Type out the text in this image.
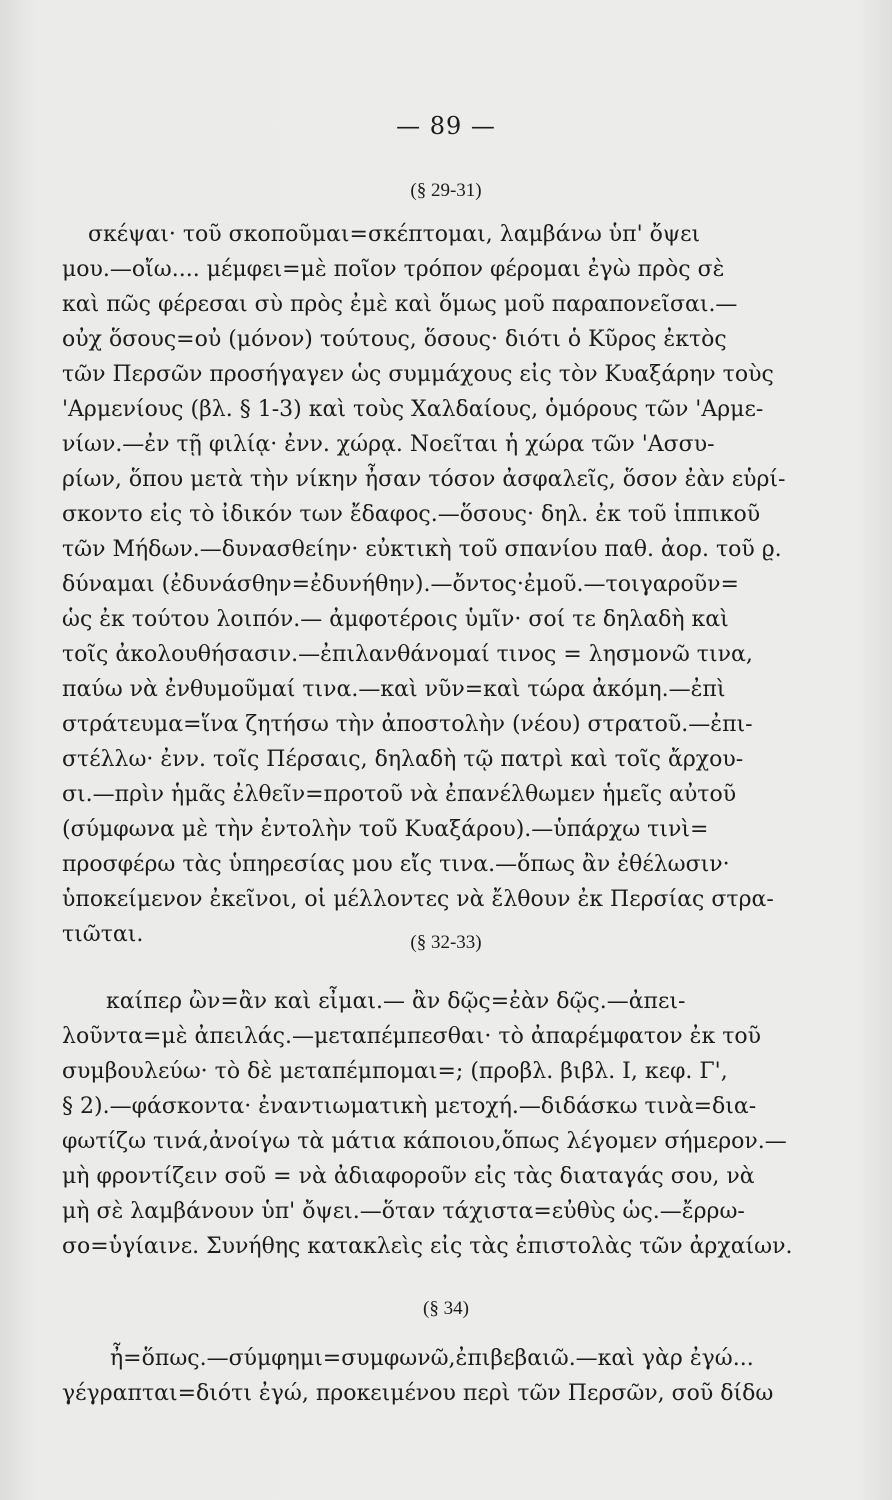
— 89 —
(§ 29-31)
σκέψαι· τοῦ σκοποῦμαι=σκέπτομαι, λαμβάνω ὑπ' ὄψει
μου.—οἴω.... μέμφει=μὲ ποῖον τρόπον φέρομαι ἐγὼ πρὸς σὲ
καὶ πῶς φέρεσαι σὺ πρὸς ἐμὲ καὶ ὅμως μοῦ παραπονεῖσαι.—
οὐχ ὅσους=οὐ (μόνον) τούτους, ὅσους· διότι ὁ Κῦρος ἐκτὸς
τῶν Περσῶν προσήγαγεν ὡς συμμάχους εἰς τὸν Κυαξάρην τοὺς
'Αρμενίους (βλ. § 1-3) καὶ τοὺς Χαλδαίους, ὁμόρους τῶν 'Αρμε-
νίων.—ἐν τῇ φιλίᾳ· ἐνν. χώρᾳ. Νοεῖται ἡ χώρα τῶν 'Ασσυ-
ρίων, ὅπου μετὰ τὴν νίκην ἦσαν τόσον ἀσφαλεῖς, ὅσον ἐὰν εὑρί-
σκοντο εἰς τὸ ἰδικόν των ἔδαφος.—ὅσους· δηλ. ἐκ τοῦ ἱππικοῦ
τῶν Μήδων.—δυνασθείην· εὐκτικὴ τοῦ σπανίου παθ. ἀορ. τοῦ ϱ.
δύναμαι (ἐδυνάσθην=ἐδυνήθην).—ὄντος·ἐμοῦ.—τοιγαροῦν=
ὡς ἐκ τούτου λοιπόν.— ἀμφοτέροις ὑμῖν· σοί τε δηλαδὴ καὶ
τοῖς ἀκολουθήσασιν.—ἐπιλανθάνομαί τινος = λησμονῶ τινα,
παύω νὰ ἐνθυμοῦμαί τινα.—καὶ νῦν=καὶ τώρα ἀκόμη.—ἐπὶ
στράτευμα=ἵνα ζητήσω τὴν ἀποστολὴν (νέου) στρατοῦ.—ἐπι-
στέλλω· ἐνν. τοῖς Πέρσαις, δηλαδὴ τῷ πατρὶ καὶ τοῖς ἄρχου-
σι.—πρὶν ἡμᾶς ἐλθεῖν=προτοῦ νὰ ἐπανέλθωμεν ἡμεῖς αὐτοῦ
(σύμφωνα μὲ τὴν ἐντολὴν τοῦ Κυαξάρου).—ὑπάρχω τινὶ=
προσφέρω τὰς ὑπηρεσίας μου εἴς τινα.—ὅπως ἂν ἐθέλωσιν·
ὑποκείμενον ἐκεῖνοι, οἱ μέλλοντες νὰ ἔλθουν ἐκ Περσίας στρα-
τιῶται.	(§ 32-33)
καίπερ ὢν=ἂν καὶ εἶμαι.— ἂν δῷς=ἐὰν δῷς.—ἀπει-
λοῦντα=μὲ ἀπειλάς.—μεταπέμπεσθαι· τὸ ἀπαρέμφατον ἐκ τοῦ
συμβουλεύω· τὸ δὲ μεταπέμπομαι=; (προβλ. βιβλ. Ι, κεφ. Γ',
§ 2).—φάσκοντα· ἐναντιωματικὴ μετοχή.—διδάσκω τινὰ=δια-
φωτίζω τινά,ἀνοίγω τὰ μάτια κάποιου,ὅπως λέγομεν σήμερον.—
μὴ φροντίζειν σοῦ = νὰ ἀδιαφοροῦν εἰς τὰς διαταγάς σου, νὰ
μὴ σὲ λαμβάνουν ὑπ' ὄψει.—ὅταν τάχιστα=εὐθὺς ὡς.—ἔρρω-
σο=ὑγίαινε. Συνήθης κατακλεὶς εἰς τὰς ἐπιστολὰς τῶν ἀρχαίων.
(§ 34)
ἦ=ὅπως.—σύμφημι=συμφωνῶ,ἐπιβεβαιῶ.—καὶ γὰρ ἐγώ...
γέγραπται=διότι ἐγώ, προκειμένου περὶ τῶν Περσῶν, σοῦ δίδω
